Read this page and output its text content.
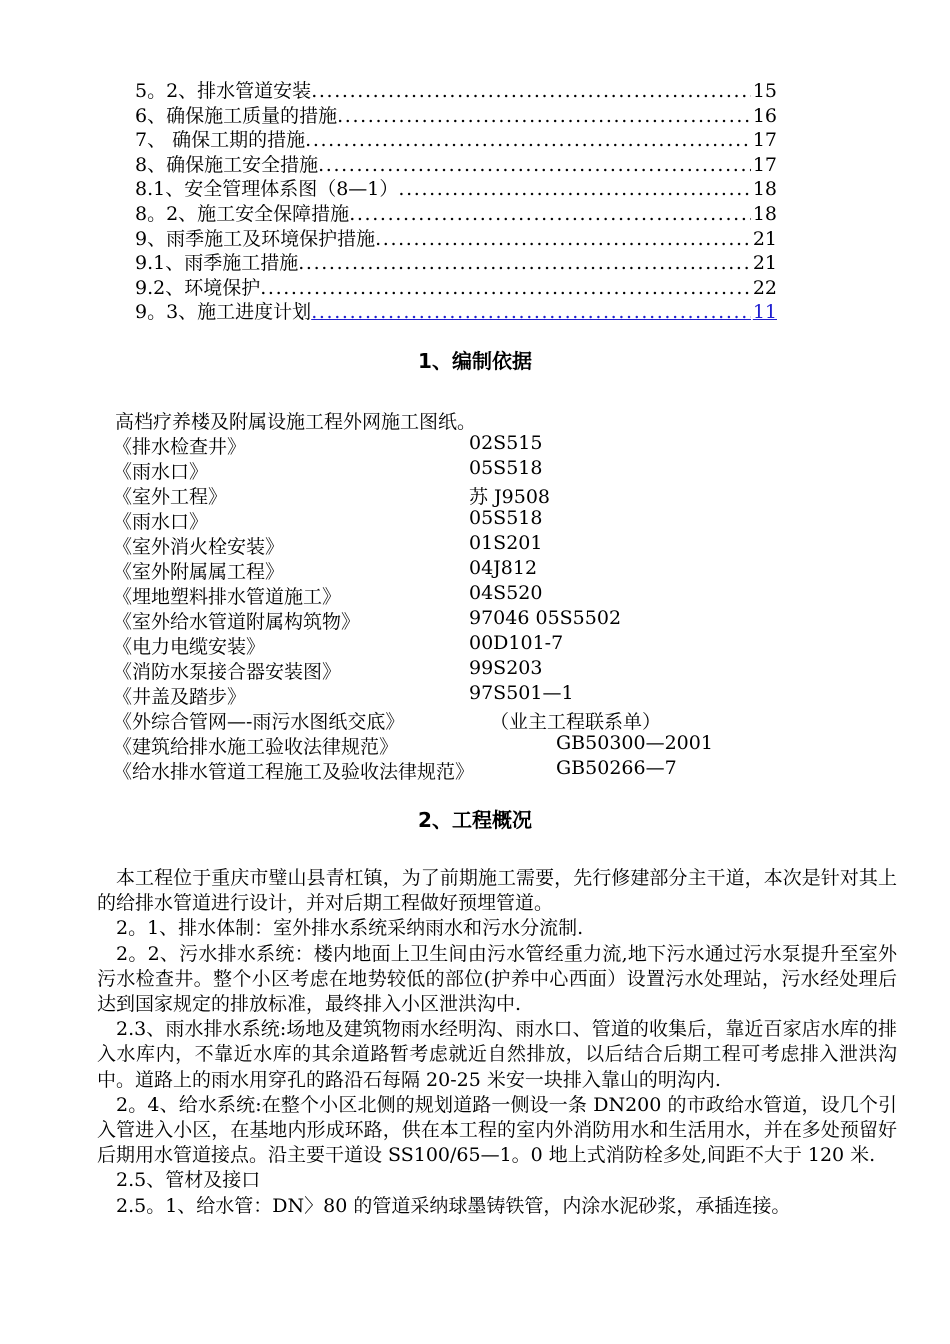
5。2、排水管道安装 . . .	15
6、确保施工质量的措施 . . .	16
7、 确保工期的措施 . . .	17
8、确保施工安全措施 . . .	17
8.1、安全管理体系图（8—1） . . .	18
8。2、施工安全保障措施 . . .	18
9、雨季施工及环境保护措施 . . .	21
9.1、雨季施工措施 . . .	21
9.2、环境保护 . . .	22
9。3、施工进度计划 . . .	11
1、编制依据
高档疗养楼及附属设施工程外网施工图纸。
《排水检查井》	02S515
《雨水口》	05S518
《室外工程》	苏 J9508
《雨水口》	05S518
《室外消火栓安装》	01S201
《室外附属属工程》	04J812
《埋地塑料排水管道施工》	04S520
《室外给水管道附属构筑物》	97046 05S5502
《电力电缆安装》	00D101-7
《消防水泵接合器安装图》	99S203
《井盖及踏步》	97S501—1
《外综合管网—-雨污水图纸交底》	（业主工程联系单）
《建筑给排水施工验收法律规范》	GB50300—2001
《给水排水管道工程施工及验收法律规范》	GB50266—7
2、工程概况

本工程位于重庆市璧山县青杠镇，为了前期施工需要，先行修建部分主干道，本次是针对其上的给排水管道进行设计，并对后期工程做好预埋管道。

2。1、排水体制：室外排水系统采纳雨水和污水分流制.

2。2、污水排水系统：楼内地面上卫生间由污水管经重力流,地下污水通过污水泵提升至室外污水检查井。整个小区考虑在地势较低的部位(护养中心西面）设置污水处理站，污水经处理后达到国家规定的排放标准，最终排入小区泄洪沟中.

2.3、雨水排水系统:场地及建筑物雨水经明沟、雨水口、管道的收集后，靠近百家店水库的排入水库内，不靠近水库的其余道路暂考虑就近自然排放，以后结合后期工程可考虑排入泄洪沟中。道路上的雨水用穿孔的路沿石每隔 20-25 米安一块排入靠山的明沟内.

2。4、给水系统:在整个小区北侧的规划道路一侧设一条 DN200 的市政给水管道，设几个引入管进入小区，在基地内形成环路，供在本工程的室内外消防用水和生活用水，并在多处预留好后期用水管道接点。沿主要干道设 SS100/65—1。0 地上式消防栓多处,间距不大于 120 米.

2.5、管材及接口

2.5。1、给水管：DN〉80 的管道采纳球墨铸铁管，内涂水泥砂浆，承插连接。
